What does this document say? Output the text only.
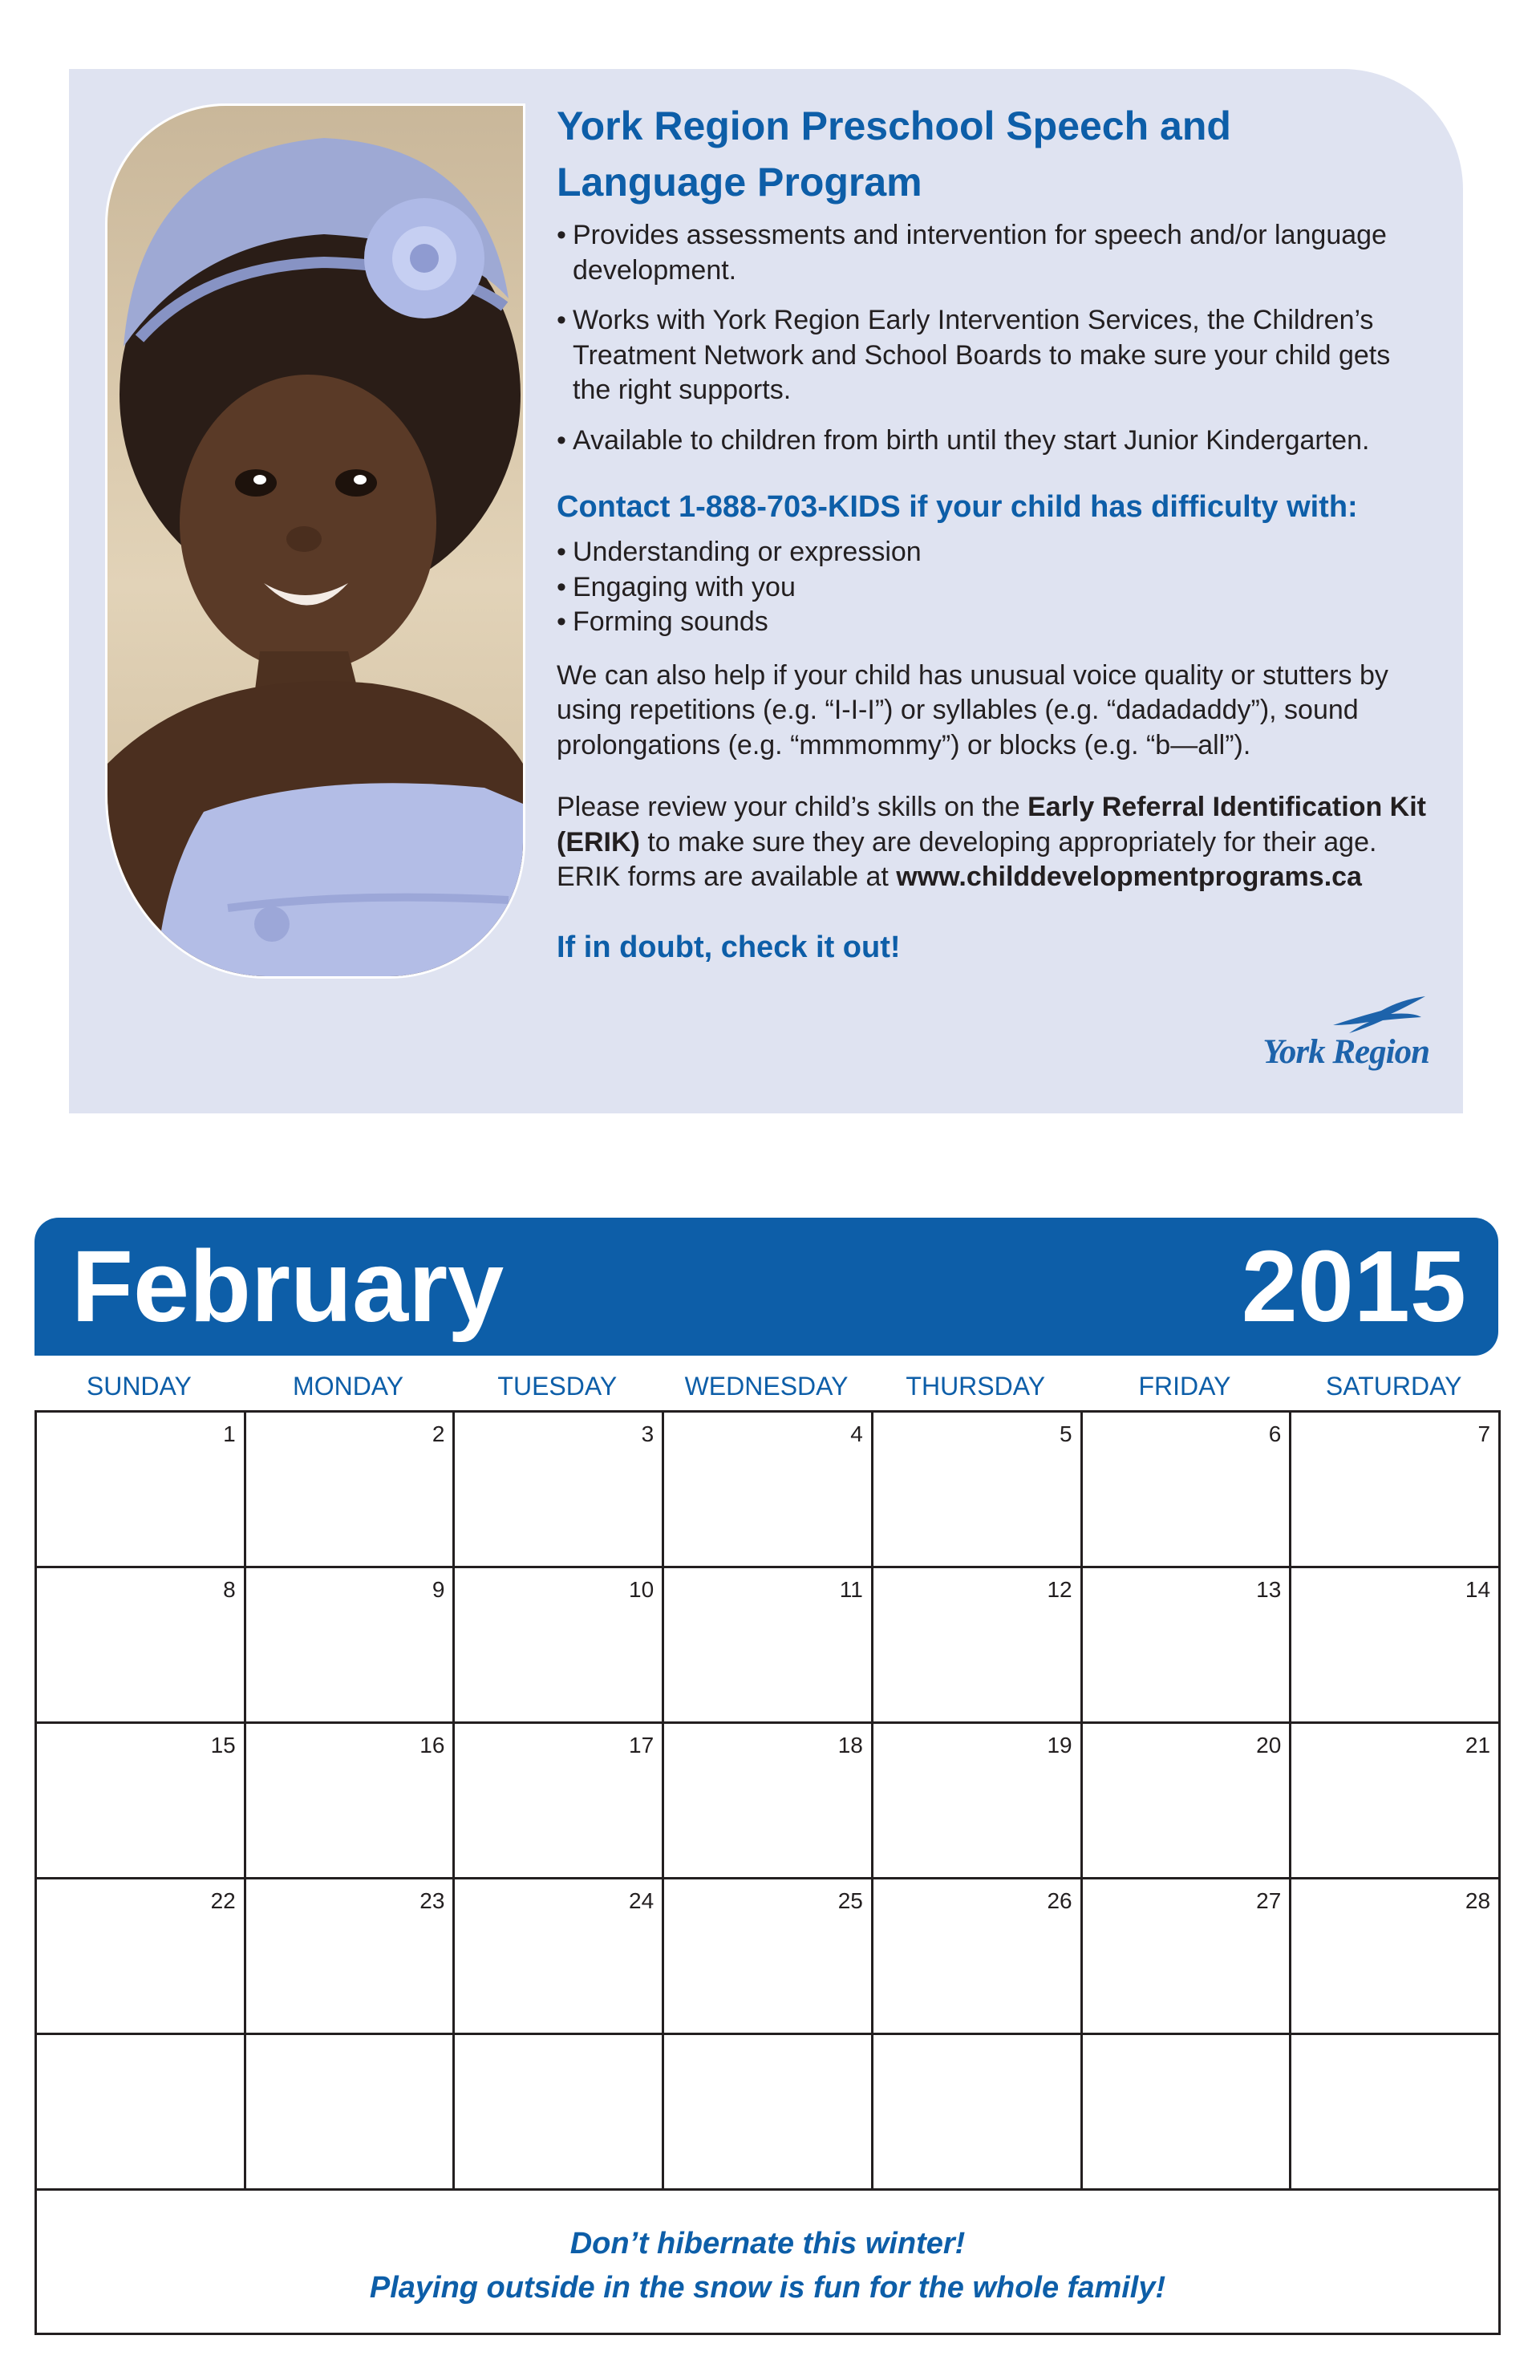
York Region Preschool Speech and Language Program
• Provides assessments and intervention for speech and/or language development.
• Works with York Region Early Intervention Services, the Children’s Treatment Network and School Boards to make sure your child gets the right supports.
• Available to children from birth until they start Junior Kindergarten.
Contact 1-888-703-KIDS if your child has difficulty with:
• Understanding or expression
• Engaging with you
• Forming sounds

We can also help if your child has unusual voice quality or stutters by using repetitions (e.g. “I-I-I”) or syllables (e.g. “dadadaddy”), sound prolongations (e.g. “mmmommy”) or blocks (e.g. “b—all”).

Please review your child’s skills on the Early Referral Identification Kit (ERIK) to make sure they are developing appropriately for their age. ERIK forms are available at www.childdevelopmentprograms.ca

If in doubt, check it out!
York Region
February	2015
SUNDAY	MONDAY	TUESDAY	WEDNESDAY	THURSDAY	FRIDAY	SATURDAY
1	2	3	4	5	6	7
8	9	10	11	12	13	14
15	16	17	18	19	20	21
22	23	24	25	26	27	28
Don’t hibernate this winter!
Playing outside in the snow is fun for the whole family!
